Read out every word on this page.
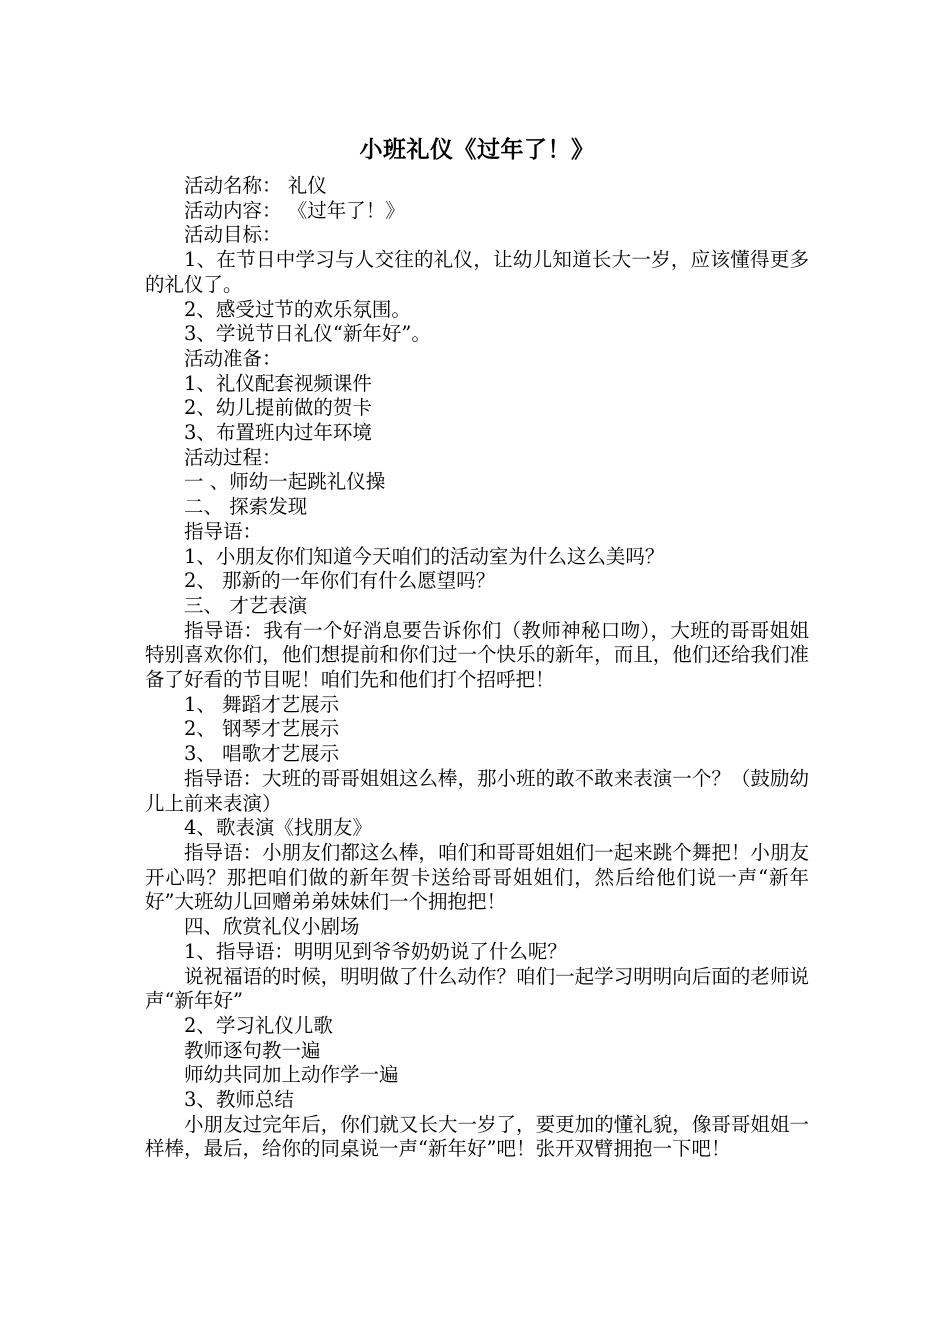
小班礼仪《过年了！》

活动名称： 礼仪

活动内容： 《过年了！》

活动目标：

1、在节日中学习与人交往的礼仪，让幼儿知道长大一岁，应该懂得更多的礼仪了。

2、感受过节的欢乐氛围。

3、学说节日礼仪“新年好”。

活动准备：

1、礼仪配套视频课件

2、幼儿提前做的贺卡

3、布置班内过年环境

活动过程：

一 、师幼一起跳礼仪操

二、 探索发现

指导语：

1、小朋友你们知道今天咱们的活动室为什么这么美吗？

2、 那新的一年你们有什么愿望吗？

三、 才艺表演

指导语：我有一个好消息要告诉你们（教师神秘口吻），大班的哥哥姐姐特别喜欢你们，他们想提前和你们过一个快乐的新年，而且，他们还给我们准备了好看的节目呢！咱们先和他们打个招呼把！

1、 舞蹈才艺展示

2、 钢琴才艺展示

3、 唱歌才艺展示

指导语：大班的哥哥姐姐这么棒，那小班的敢不敢来表演一个？（鼓励幼儿上前来表演）

4、歌表演《找朋友》

指导语：小朋友们都这么棒，咱们和哥哥姐姐们一起来跳个舞把！小朋友开心吗？那把咱们做的新年贺卡送给哥哥姐姐们，然后给他们说一声“新年好”大班幼儿回赠弟弟妹妹们一个拥抱把！

四、欣赏礼仪小剧场

1、指导语：明明见到爷爷奶奶说了什么呢？

说祝福语的时候，明明做了什么动作？咱们一起学习明明向后面的老师说声“新年好”

2、学习礼仪儿歌

教师逐句教一遍

师幼共同加上动作学一遍

3、教师总结

小朋友过完年后，你们就又长大一岁了，要更加的懂礼貌，像哥哥姐姐一样棒，最后，给你的同桌说一声“新年好”吧！张开双臂拥抱一下吧！
